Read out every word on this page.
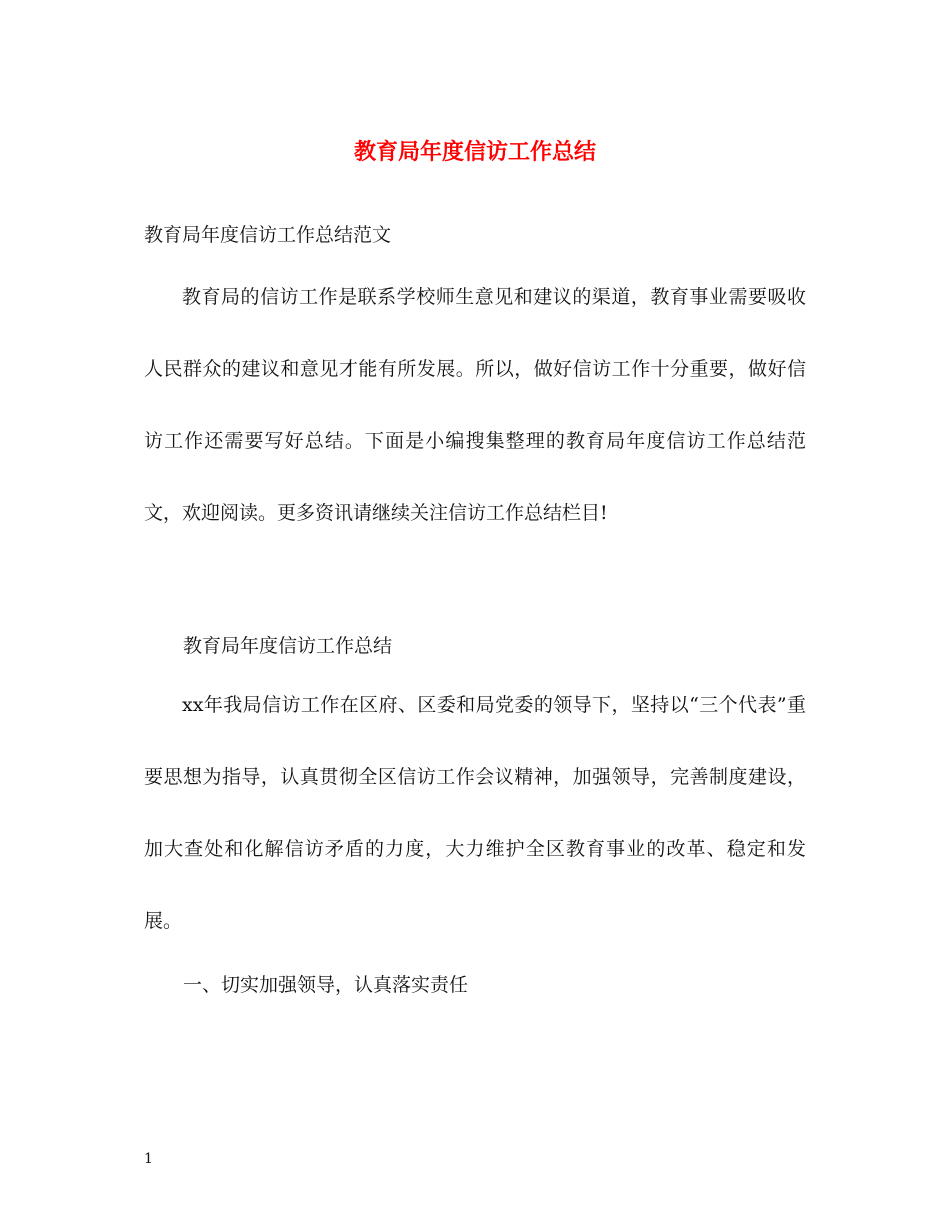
教育局年度信访工作总结

教育局年度信访工作总结范文

教育局的信访工作是联系学校师生意见和建议的渠道，教育事业需要吸收人民群众的建议和意见才能有所发展。所以，做好信访工作十分重要，做好信访工作还需要写好总结。下面是小编搜集整理的教育局年度信访工作总结范文，欢迎阅读。更多资讯请继续关注信访工作总结栏目!

教育局年度信访工作总结

xx年我局信访工作在区府、区委和局党委的领导下，坚持以“三个代表”重要思想为指导，认真贯彻全区信访工作会议精神，加强领导，完善制度建设，加大查处和化解信访矛盾的力度，大力维护全区教育事业的改革、稳定和发展。

一、切实加强领导，认真落实责任

1
